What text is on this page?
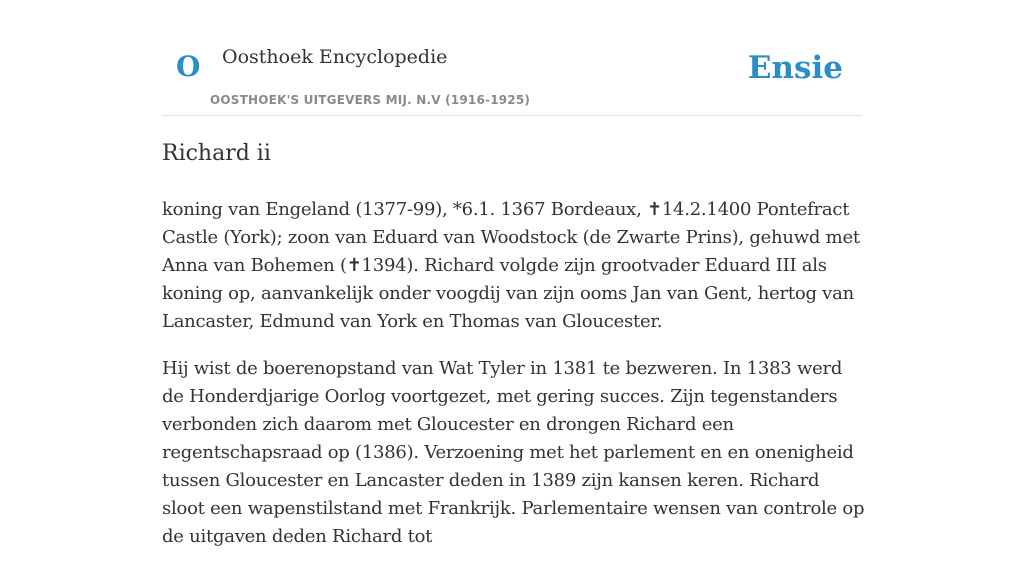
O Oosthoek Encyclopedie
OOSTHOEK'S UITGEVERS MIJ. N.V (1916-1925)
Ensie
Richard ii

koning van Engeland (1377-99), *6.1. 1367 Bordeaux, ✝14.2.1400 Pontefract Castle (York); zoon van Eduard van Woodstock (de Zwarte Prins), gehuwd met Anna van Bohemen (✝1394). Richard volgde zijn grootvader Eduard III als koning op, aanvankelijk onder voogdij van zijn ooms Jan van Gent, hertog van Lancaster, Edmund van York en Thomas van Gloucester.

Hij wist de boerenopstand van Wat Tyler in 1381 te bezweren. In 1383 werd de Honderdjarige Oorlog voortgezet, met gering succes. Zijn tegenstanders verbonden zich daarom met Gloucester en drongen Richard een regentschapsraad op (1386). Verzoening met het parlement en en onenigheid tussen Gloucester en Lancaster deden in 1389 zijn kansen keren. Richard sloot een wapenstilstand met Frankrijk. Parlementaire wensen van controle op de uitgaven deden Richard tot
